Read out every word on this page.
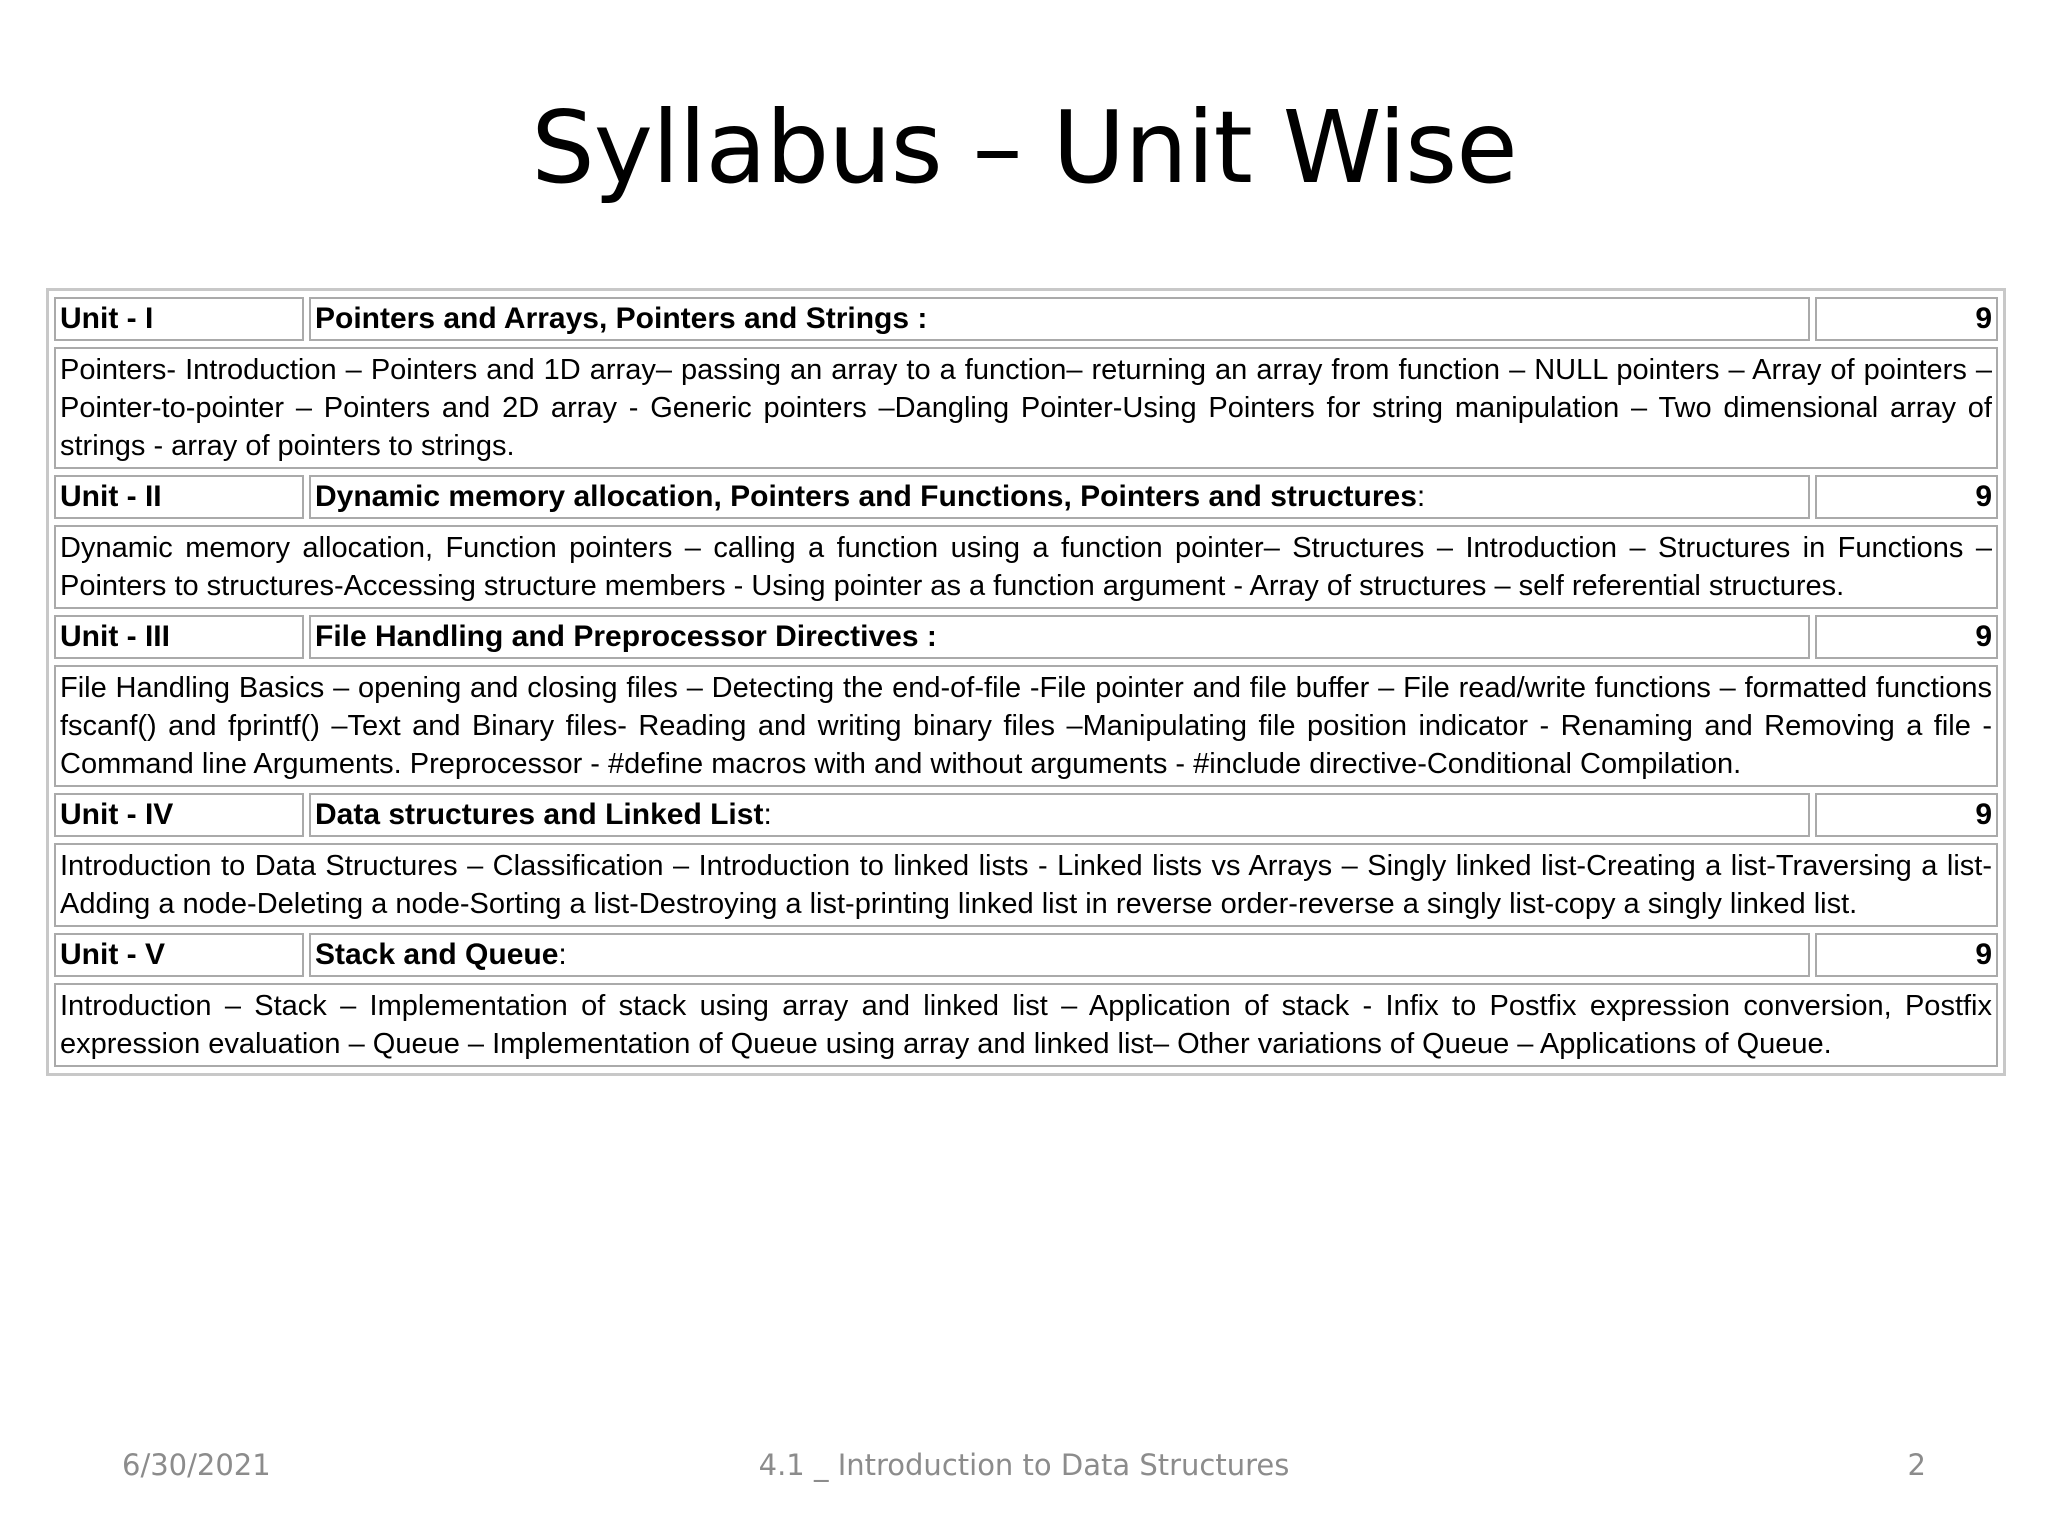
Syllabus – Unit Wise
Unit - I	Pointers and Arrays, Pointers and Strings :	9
Pointers- Introduction – Pointers and 1D array– passing an array to a function– returning an array from function – NULL pointers – Array of pointers – Pointer-to-pointer – Pointers and 2D array - Generic pointers –Dangling Pointer-Using Pointers for string manipulation – Two dimensional array of strings - array of pointers to strings.		
Unit - II	Dynamic memory allocation, Pointers and Functions, Pointers and structures:	9
Dynamic memory allocation, Function pointers – calling a function using a function pointer– Structures – Introduction – Structures in Functions –Pointers to structures-Accessing structure members - Using pointer as a function argument - Array of structures – self referential structures.		
Unit - III	File Handling and Preprocessor Directives :	9
File Handling Basics – opening and closing files – Detecting the end-of-file -File pointer and file buffer – File read/write functions – formatted functions fscanf() and fprintf() –Text and Binary files- Reading and writing binary files –Manipulating file position indicator - Renaming and Removing a file - Command line Arguments. Preprocessor - #define macros with and without arguments - #include directive-Conditional Compilation.		
Unit - IV	Data structures and Linked List:	9
Introduction to Data Structures – Classification – Introduction to linked lists - Linked lists vs Arrays – Singly linked list-Creating a list-Traversing a list-Adding a node-Deleting a node-Sorting a list-Destroying a list-printing linked list in reverse order-reverse a singly list-copy a singly linked list.		
Unit - V	Stack and Queue:	9
Introduction – Stack – Implementation of stack using array and linked list – Application of stack - Infix to Postfix expression conversion, Postfix expression evaluation – Queue – Implementation of Queue using array and linked list– Other variations of Queue – Applications of Queue.		
6/30/2021	4.1 _ Introduction to Data Structures	2
